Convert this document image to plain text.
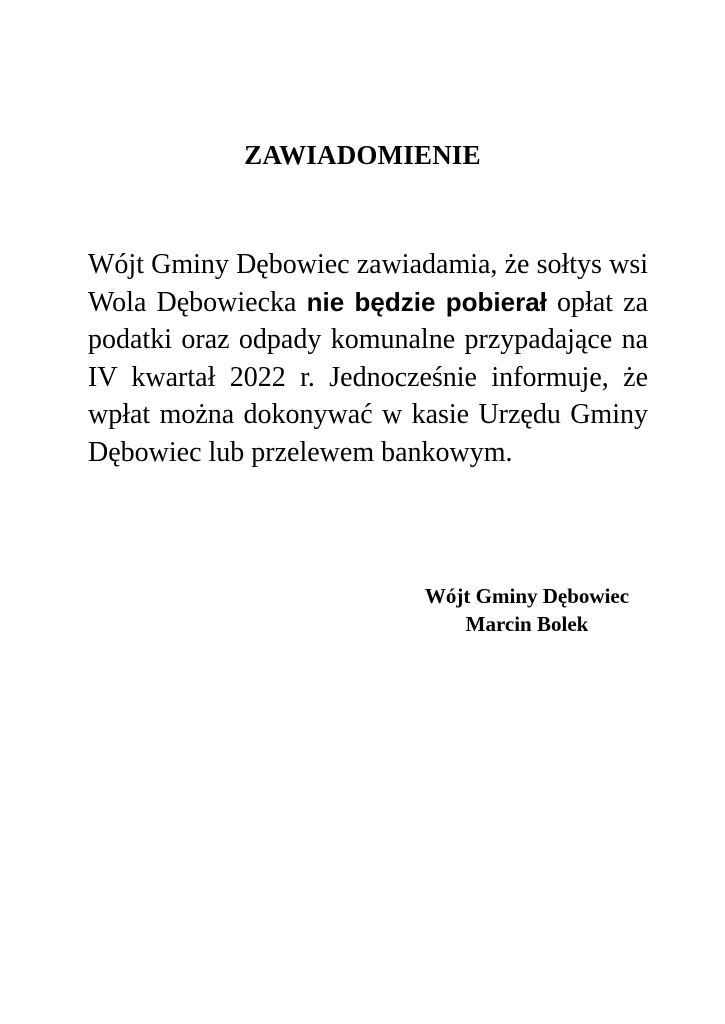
ZAWIADOMIENIE
Wójt Gminy Dębowiec zawiadamia, że sołtys wsi Wola Dębowiecka nie będzie pobierał opłat za podatki oraz odpady komunalne przypadające na IV kwartał 2022 r. Jednocześnie informuje, że wpłat można dokonywać w kasie Urzędu Gminy Dębowiec lub przelewem bankowym.
Wójt Gminy Dębowiec
Marcin Bolek
